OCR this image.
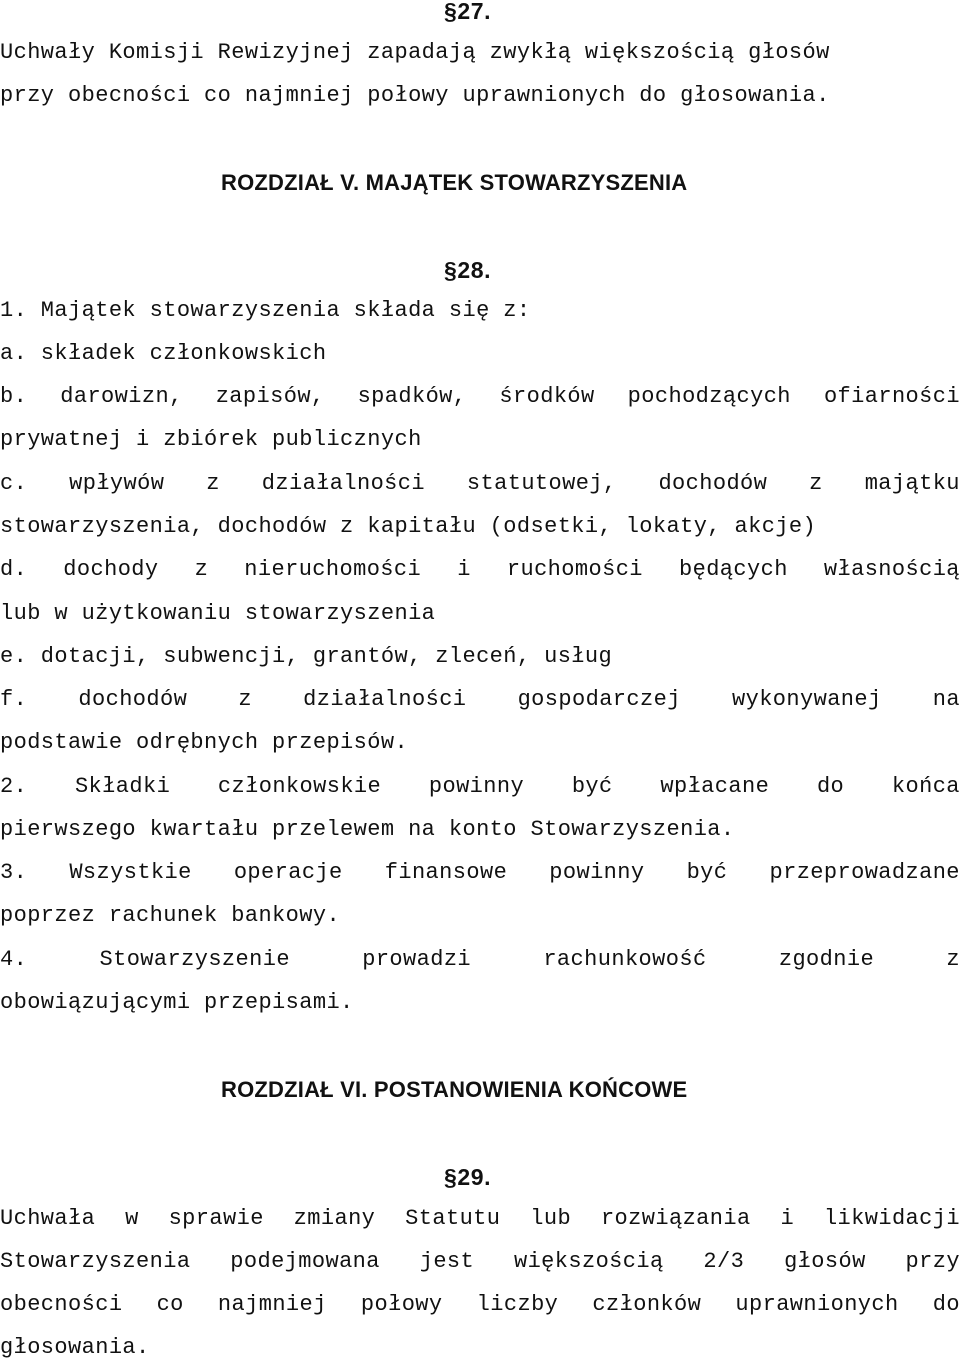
§27.
Uchwały Komisji Rewizyjnej zapadają zwykłą większością głosów
przy obecności co najmniej połowy uprawnionych do głosowania.
ROZDZIAŁ V. MAJĄTEK STOWARZYSZENIA
§28.
1. Majątek stowarzyszenia składa się z:
a. składek członkowskich
b. darowizn, zapisów, spadków, środków pochodzących ofiarności
prywatnej i zbiórek publicznych
c. wpływów z działalności statutowej, dochodów z majątku
stowarzyszenia, dochodów z kapitału (odsetki, lokaty, akcje)
d. dochody z nieruchomości i ruchomości będących własnością
lub w użytkowaniu stowarzyszenia
e. dotacji, subwencji, grantów, zleceń, usług
f. dochodów z działalności gospodarczej wykonywanej na
podstawie odrębnych przepisów.
2. Składki członkowskie powinny być wpłacane do końca
pierwszego kwartału przelewem na konto Stowarzyszenia.
3. Wszystkie operacje finansowe powinny być przeprowadzane
poprzez rachunek bankowy.
4.	Stowarzyszenie	prowadzi	rachunkowość	zgodnie	z
obowiązującymi przepisami.
ROZDZIAŁ VI. POSTANOWIENIA KOŃCOWE
§29.
Uchwała w sprawie zmiany Statutu lub rozwiązania i likwidacji
Stowarzyszenia podejmowana jest większością 2/3 głosów przy
obecności co najmniej połowy liczby członków uprawnionych do
głosowania.
